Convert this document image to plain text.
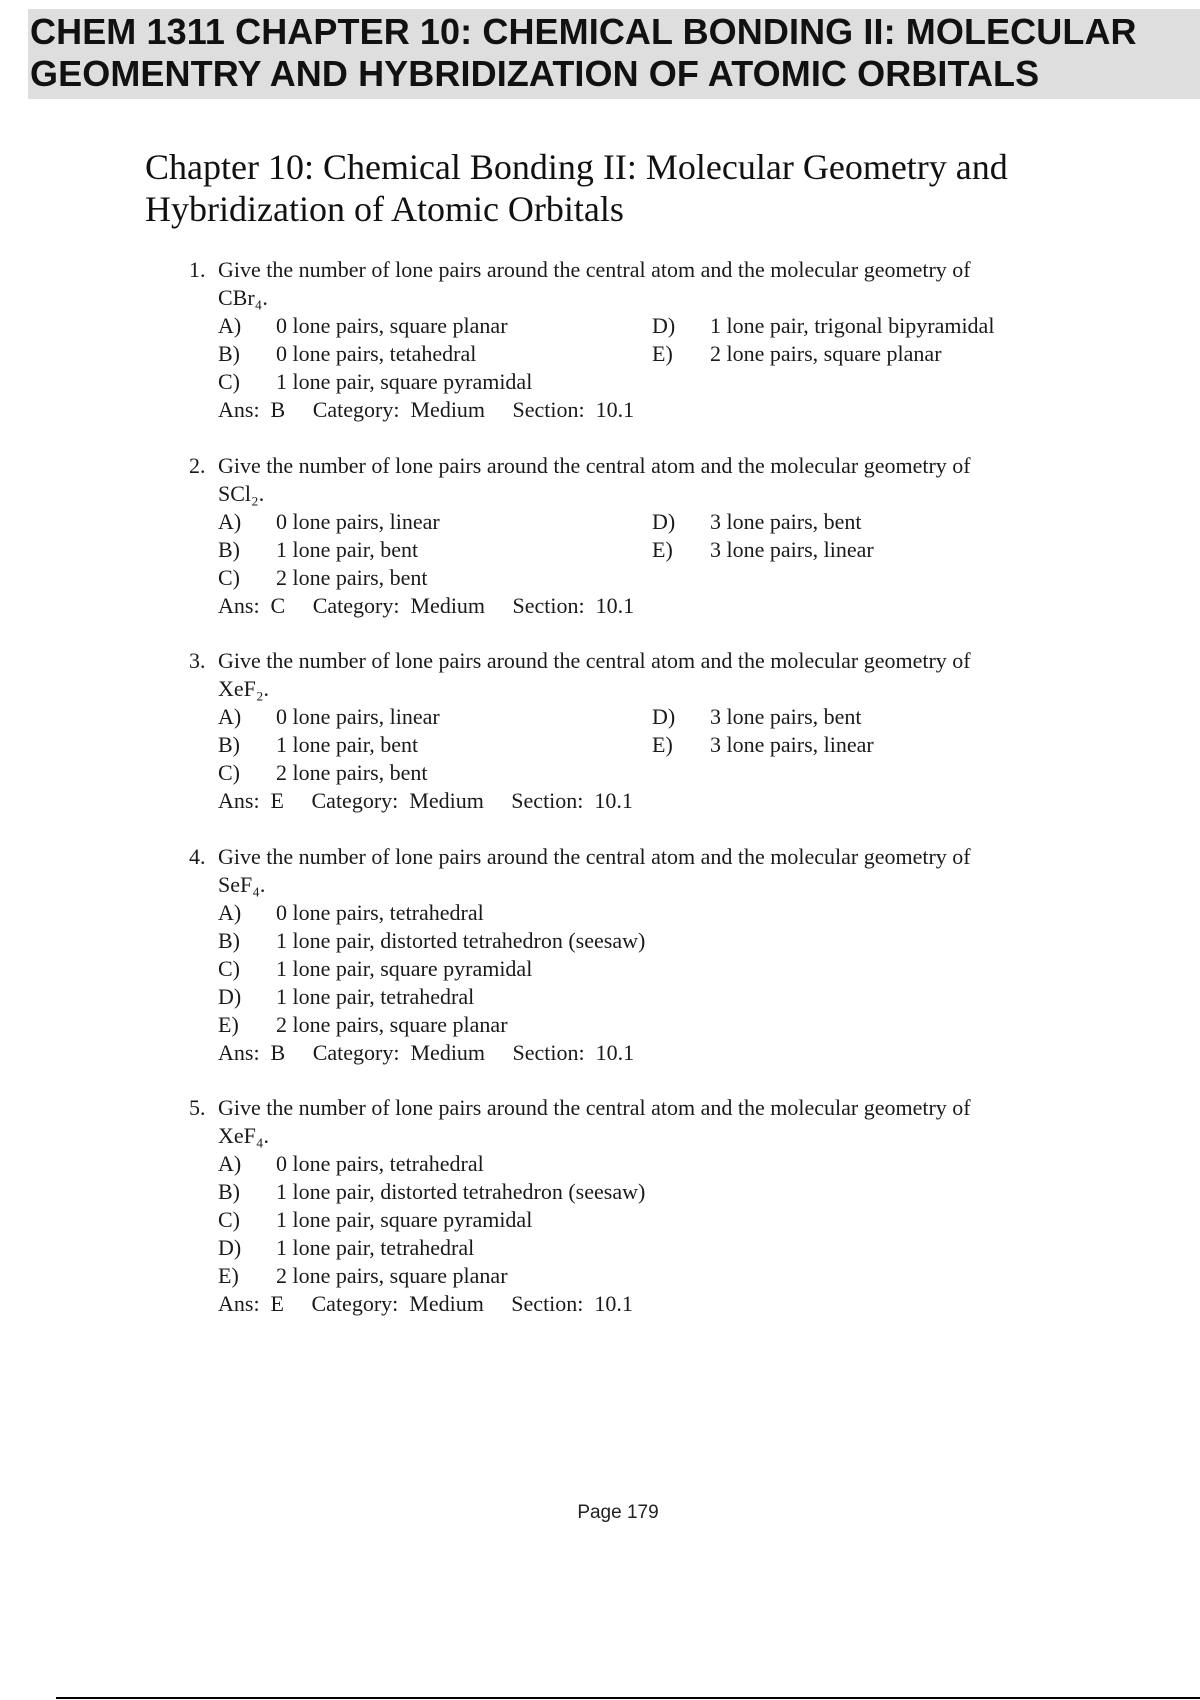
CHEM 1311 CHAPTER 10: CHEMICAL BONDING II: MOLECULAR GEOMENTRY AND HYBRIDIZATION OF ATOMIC ORBITALS
Chapter 10: Chemical Bonding II: Molecular Geometry and Hybridization of Atomic Orbitals
1. Give the number of lone pairs around the central atom and the molecular geometry of
CBr₄.
A)	0 lone pairs, square planar
B)	0 lone pairs, tetahedral
C)	1 lone pair, square pyramidal
D)	1 lone pair, trigonal bipyramidal
E)	2 lone pairs, square planar
Ans:  B     Category:  Medium     Section:  10.1
2. Give the number of lone pairs around the central atom and the molecular geometry of
SCl₂.
A)	0 lone pairs, linear
B)	1 lone pair, bent
C)	2 lone pairs, bent
D)	3 lone pairs, bent
E)	3 lone pairs, linear
Ans:  C     Category:  Medium     Section:  10.1
3. Give the number of lone pairs around the central atom and the molecular geometry of
XeF₂.
A)	0 lone pairs, linear
B)	1 lone pair, bent
C)	2 lone pairs, bent
D)	3 lone pairs, bent
E)	3 lone pairs, linear
Ans:  E     Category:  Medium     Section:  10.1
4. Give the number of lone pairs around the central atom and the molecular geometry of
SeF₄.
A)	0 lone pairs, tetrahedral
B)	1 lone pair, distorted tetrahedron (seesaw)
C)	1 lone pair, square pyramidal
D)	1 lone pair, tetrahedral
E)	2 lone pairs, square planar
Ans:  B     Category:  Medium     Section:  10.1
5. Give the number of lone pairs around the central atom and the molecular geometry of
XeF₄.
A)	0 lone pairs, tetrahedral
B)	1 lone pair, distorted tetrahedron (seesaw)
C)	1 lone pair, square pyramidal
D)	1 lone pair, tetrahedral
E)	2 lone pairs, square planar
Ans:  E     Category:  Medium     Section:  10.1
Page 179
